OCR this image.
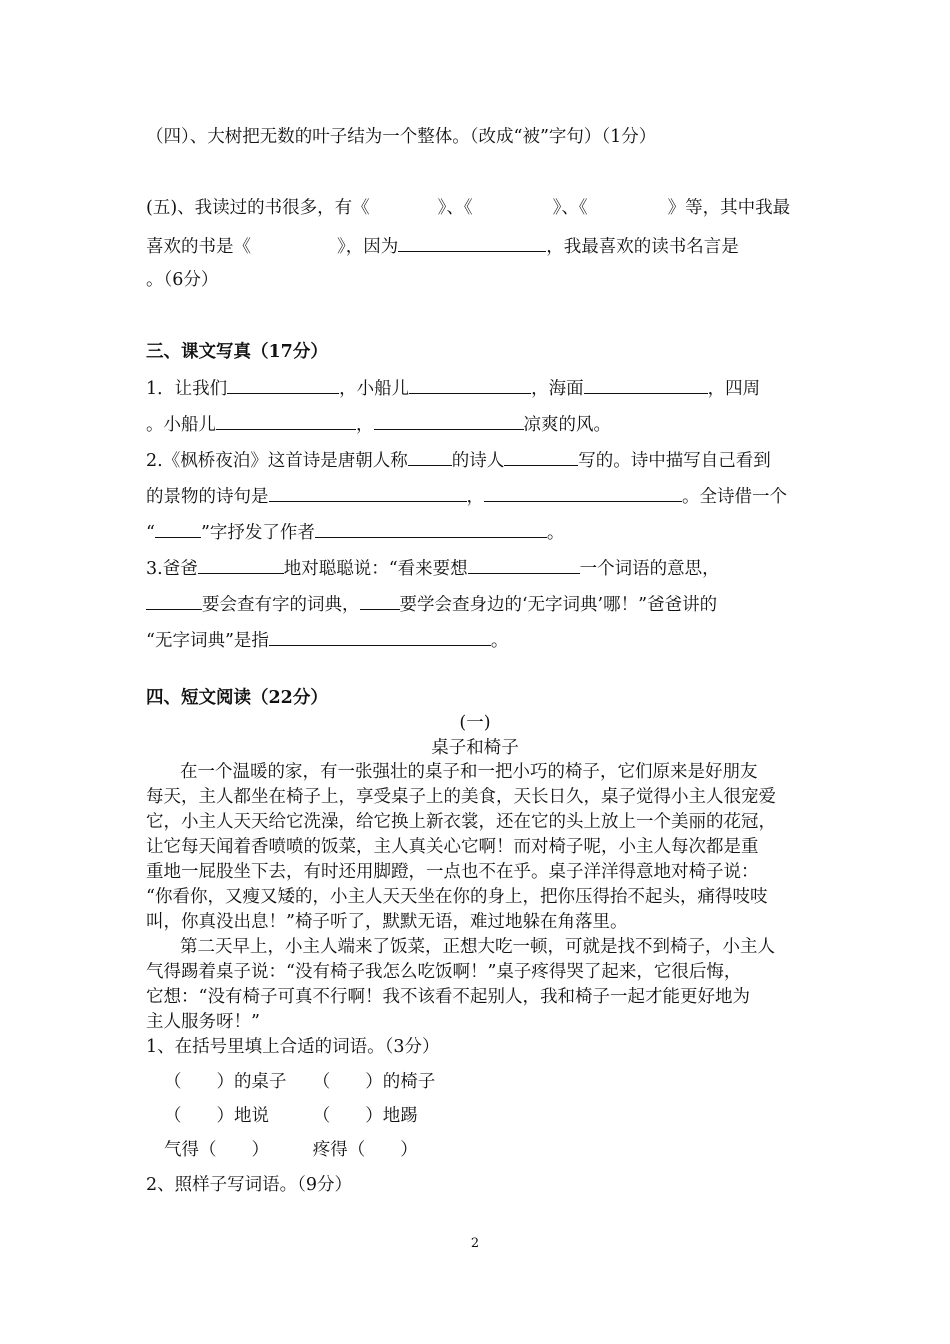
（四）、大树把无数的叶子结为一个整体。（改成“被”字句）（1分）
(五)、我读过的书很多，有《	》、《	》、《	》等，其中我最
喜欢的书是《	》，因为	，我最喜欢的读书名言是
。（6分）
三、课文写真（17分）
1．让我们	，小船儿	，海面	，四周
。小船儿	，	凉爽的风。
2.《枫桥夜泊》这首诗是唐朝人称	的诗人	写的。诗中描写自己看到
的景物的诗句是	，	。全诗借一个
“	”字抒发了作者	。
3.爸爸	地对聪聪说：“看来要想	一个词语的意思，
要会查有字的词典， 要学会查身边的‘无字词典’哪！”爸爸讲的
“无字词典”是指	。
四、短文阅读（22分）
(一)
桌子和椅子
在一个温暖的家，有一张强壮的桌子和一把小巧的椅子，它们原来是好朋友
每天，主人都坐在椅子上，享受桌子上的美食，天长日久，桌子觉得小主人很宠爱
它，小主人天天给它洗澡，给它换上新衣裳，还在它的头上放上一个美丽的花冠，
让它每天闻着香喷喷的饭菜，主人真关心它啊！而对椅子呢，小主人每次都是重
重地一屁股坐下去，有时还用脚蹬，一点也不在乎。桌子洋洋得意地对椅子说：
“你看你，又瘦又矮的，小主人天天坐在你的身上，把你压得抬不起头，痛得吱吱
叫，你真没出息！”椅子听了，默默无语，难过地躲在角落里。
第二天早上，小主人端来了饭菜，正想大吃一顿，可就是找不到椅子，小主人
气得踢着桌子说：“没有椅子我怎么吃饭啊！”桌子疼得哭了起来，它很后悔，
它想：“没有椅子可真不行啊！我不该看不起别人，我和椅子一起才能更好地为
主人服务呀！”
1、在括号里填上合适的词语。（3分）
（　　）的桌子　　（　　）的椅子
（　　）地说　　　（　　）地踢
气得（　　）　　　疼得（　　）
2、照样子写词语。（9分）
2
